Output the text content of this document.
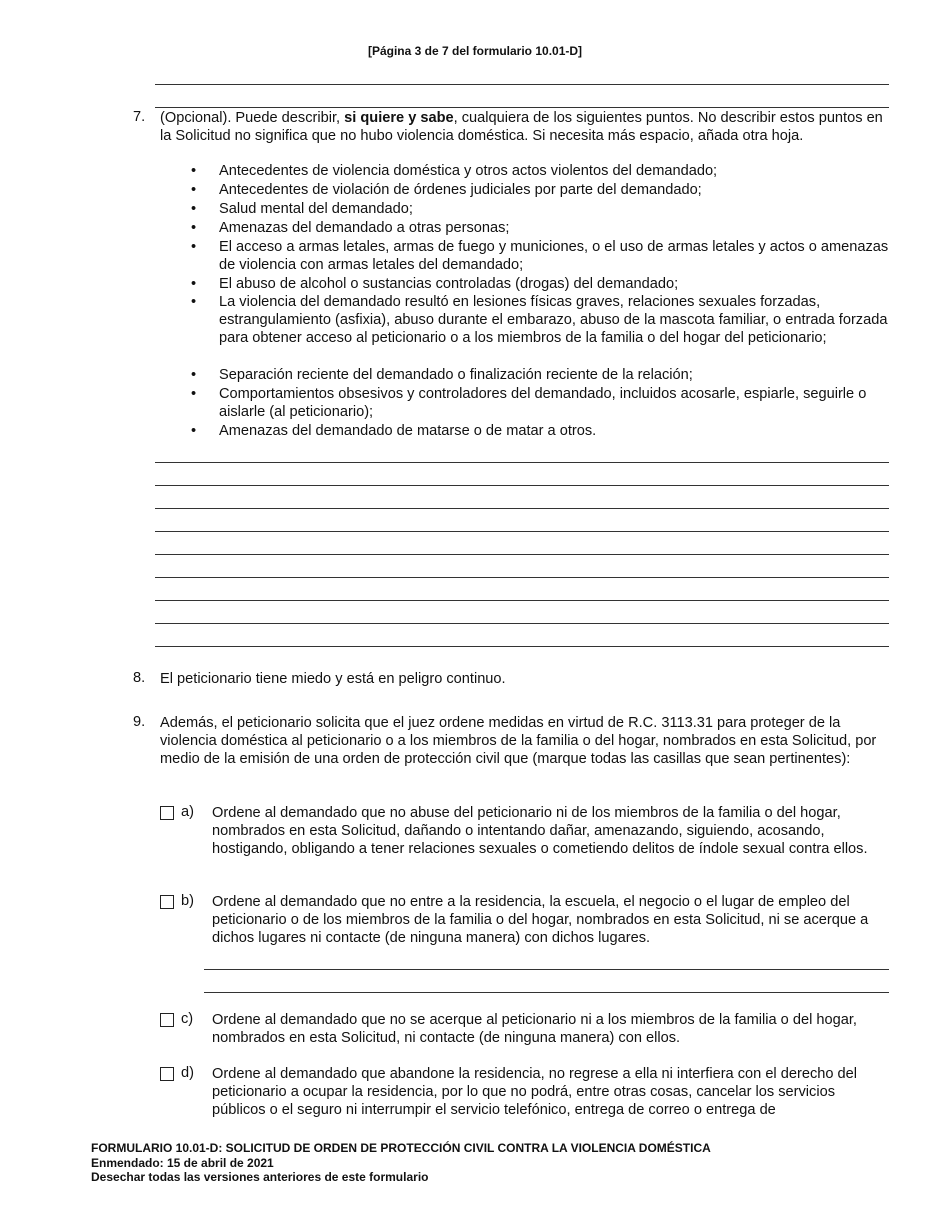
[Página 3 de 7 del formulario 10.01-D]
7. (Opcional). Puede describir, si quiere y sabe, cualquiera de los siguientes puntos. No describir estos puntos en la Solicitud no significa que no hubo violencia doméstica. Si necesita más espacio, añada otra hoja.
• Antecedentes de violencia doméstica y otros actos violentos del demandado;
• Antecedentes de violación de órdenes judiciales por parte del demandado;
• Salud mental del demandado;
• Amenazas del demandado a otras personas;
• El acceso a armas letales, armas de fuego y municiones, o el uso de armas letales y actos o amenazas de violencia con armas letales del demandado;
• El abuso de alcohol o sustancias controladas (drogas) del demandado;
• La violencia del demandado resultó en lesiones físicas graves, relaciones sexuales forzadas, estrangulamiento (asfixia), abuso durante el embarazo, abuso de la mascota familiar, o entrada forzada para obtener acceso al peticionario o a los miembros de la familia o del hogar del peticionario;
• Separación reciente del demandado o finalización reciente de la relación;
• Comportamientos obsesivos y controladores del demandado, incluidos acosarle, espiarle, seguirle o aislarle (al peticionario);
• Amenazas del demandado de matarse o de matar a otros.
8. El peticionario tiene miedo y está en peligro continuo.
9. Además, el peticionario solicita que el juez ordene medidas en virtud de R.C. 3113.31 para proteger de la violencia doméstica al peticionario o a los miembros de la familia o del hogar, nombrados en esta Solicitud, por medio de la emisión de una orden de protección civil que (marque todas las casillas que sean pertinentes):
a) Ordene al demandado que no abuse del peticionario ni de los miembros de la familia o del hogar, nombrados en esta Solicitud, dañando o intentando dañar, amenazando, siguiendo, acosando, hostigando, obligando a tener relaciones sexuales o cometiendo delitos de índole sexual contra ellos.
b) Ordene al demandado que no entre a la residencia, la escuela, el negocio o el lugar de empleo del peticionario o de los miembros de la familia o del hogar, nombrados en esta Solicitud, ni se acerque a dichos lugares ni contacte (de ninguna manera) con dichos lugares.
c) Ordene al demandado que no se acerque al peticionario ni a los miembros de la familia o del hogar, nombrados en esta Solicitud, ni contacte (de ninguna manera) con ellos.
d) Ordene al demandado que abandone la residencia, no regrese a ella ni interfiera con el derecho del peticionario a ocupar la residencia, por lo que no podrá, entre otras cosas, cancelar los servicios públicos o el seguro ni interrumpir el servicio telefónico, entrega de correo o entrega de
FORMULARIO 10.01-D: SOLICITUD DE ORDEN DE PROTECCIÓN CIVIL CONTRA LA VIOLENCIA DOMÉSTICA
Enmendado: 15 de abril de 2021
Desechar todas las versiones anteriores de este formulario
